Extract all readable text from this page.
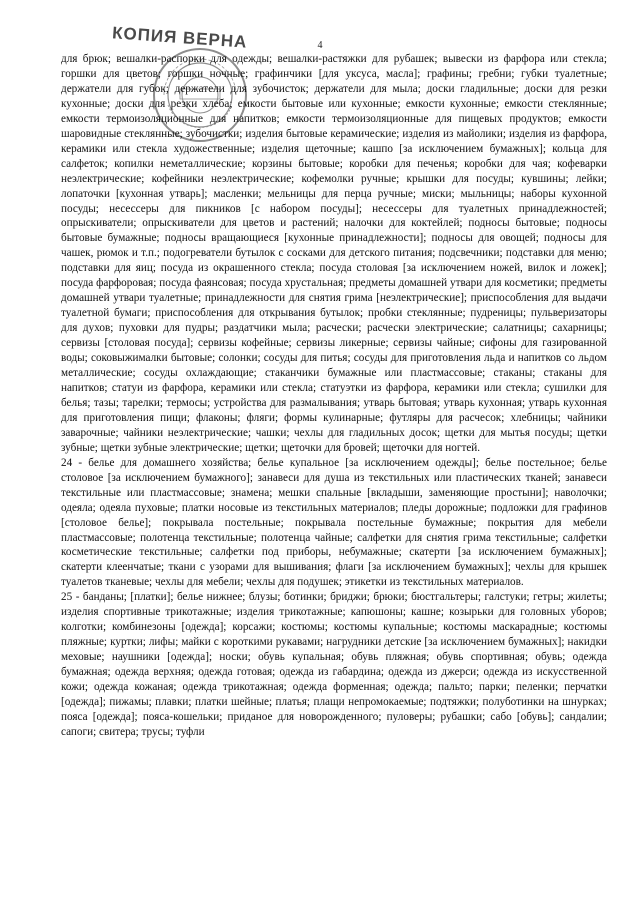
4
КОПИЯ ВЕРНА

для брюк; вешалки-распорки для одежды; вешалки-растяжки для рубашек; вывески из фарфора или стекла; горшки для цветов; горшки ночные; графинчики [для уксуса, масла]; графины; гребни; губки туалетные; держатели для губок; держатели для зубочисток; держатели для мыла; доски гладильные; доски для резки кухонные; доски для резки хлеба; емкости бытовые или кухонные; емкости кухонные; емкости стеклянные; емкости термоизоляционные для напитков; емкости термоизоляционные для пищевых продуктов; емкости шаровидные стеклянные; зубочистки; изделия бытовые керамические; изделия из майолики; изделия из фарфора, керамики или стекла художественные; изделия щеточные; кашпо [за исключением бумажных]; кольца для салфеток; копилки неметаллические; корзины бытовые; коробки для печенья; коробки для чая; кофеварки неэлектрические; кофейники неэлектрические; кофемолки ручные; крышки для посуды; кувшины; лейки; лопаточки [кухонная утварь]; масленки; мельницы для перца ручные; миски; мыльницы; наборы кухонной посуды; несессеры для пикников [с набором посуды]; несессеры для туалетных принадлежностей; опрыскиватели; опрыскиватели для цветов и растений; налочки для коктейлей; подносы бытовые; подносы бытовые бумажные; подносы вращающиеся [кухонные принадлежности]; подносы для овощей; подносы для чашек, рюмок и т.п.; подогреватели бутылок с сосками для детского питания; подсвечники; подставки для меню; подставки для яиц; посуда из окрашенного стекла; посуда столовая [за исключением ножей, вилок и ложек]; посуда фарфоровая; посуда фаянсовая; посуда хрустальная; предметы домашней утвари для косметики; предметы домашней утвари туалетные; принадлежности для снятия грима [неэлектрические]; приспособления для выдачи туалетной бумаги; приспособления для открывания бутылок; пробки стеклянные; пудреницы; пульверизаторы для духов; пуховки для пудры; раздатчики мыла; расчески; расчески электрические; салатницы; сахарницы; сервизы [столовая посуда]; сервизы кофейные; сервизы ликерные; сервизы чайные; сифоны для газированной воды; соковыжималки бытовые; солонки; сосуды для питья; сосуды для приготовления льда и напитков со льдом металлические; сосуды охлаждающие; стаканчики бумажные или пластмассовые; стаканы; стаканы для напитков; статуи из фарфора, керамики или стекла; статуэтки из фарфора, керамики или стекла; сушилки для белья; тазы; тарелки; термосы; устройства для размалывания; утварь бытовая; утварь кухонная; утварь кухонная для приготовления пищи; флаконы; фляги; формы кулинарные; футляры для расчесок; хлебницы; чайники заварочные; чайники неэлектрические; чашки; чехлы для гладильных досок; щетки для мытья посуды; щетки зубные; щетки зубные электрические; щетки; щеточки для бровей; щеточки для ногтей.

24 - белье для домашнего хозяйства; белье купальное [за исключением одежды]; белье постельное; белье столовое [за исключением бумажного]; занавеси для душа из текстильных или пластических тканей; занавеси текстильные или пластмассовые; знамена; мешки спальные [вкладыши, заменяющие простыни]; наволочки; одеяла; одеяла пуховые; платки носовые из текстильных материалов; пледы дорожные; подложки для графинов [столовое белье]; покрывала постельные; покрывала постельные бумажные; покрытия для мебели пластмассовые; полотенца текстильные; полотенца чайные; салфетки для снятия грима текстильные; салфетки косметические текстильные; салфетки под приборы, небумажные; скатерти [за исключением бумажных]; скатерти клеенчатые; ткани с узорами для вышивания; флаги [за исключением бумажных]; чехлы для крышек туалетов тканевые; чехлы для мебели; чехлы для подушек; этикетки из текстильных материалов.

25 - банданы; [платки]; белье нижнее; блузы; ботинки; бриджи; брюки; бюстгальтеры; галстуки; гетры; жилеты; изделия спортивные трикотажные; изделия трикотажные; капюшоны; кашне; козырьки для головных уборов; колготки; комбинезоны [одежда]; корсажи; костюмы; костюмы купальные; костюмы маскарадные; костюмы пляжные; куртки; лифы; майки с короткими рукавами; нагрудники детские [за исключением бумажных]; накидки меховые; наушники [одежда]; носки; обувь купальная; обувь пляжная; обувь спортивная; обувь; одежда бумажная; одежда верхняя; одежда готовая; одежда из габардина; одежда из джерси; одежда из искусственной кожи; одежда кожаная; одежда трикотажная; одежда форменная; одежда; пальто; парки; пеленки; перчатки [одежда]; пижамы; плавки; платки шейные; платья; плащи непромокаемые; подтяжки; полуботинки на шнурках; пояса [одежда]; пояса-кошельки; приданое для новорожденного; пуловеры; рубашки; сабо [обувь]; сандалии; сапоги; свитера; трусы; туфли
